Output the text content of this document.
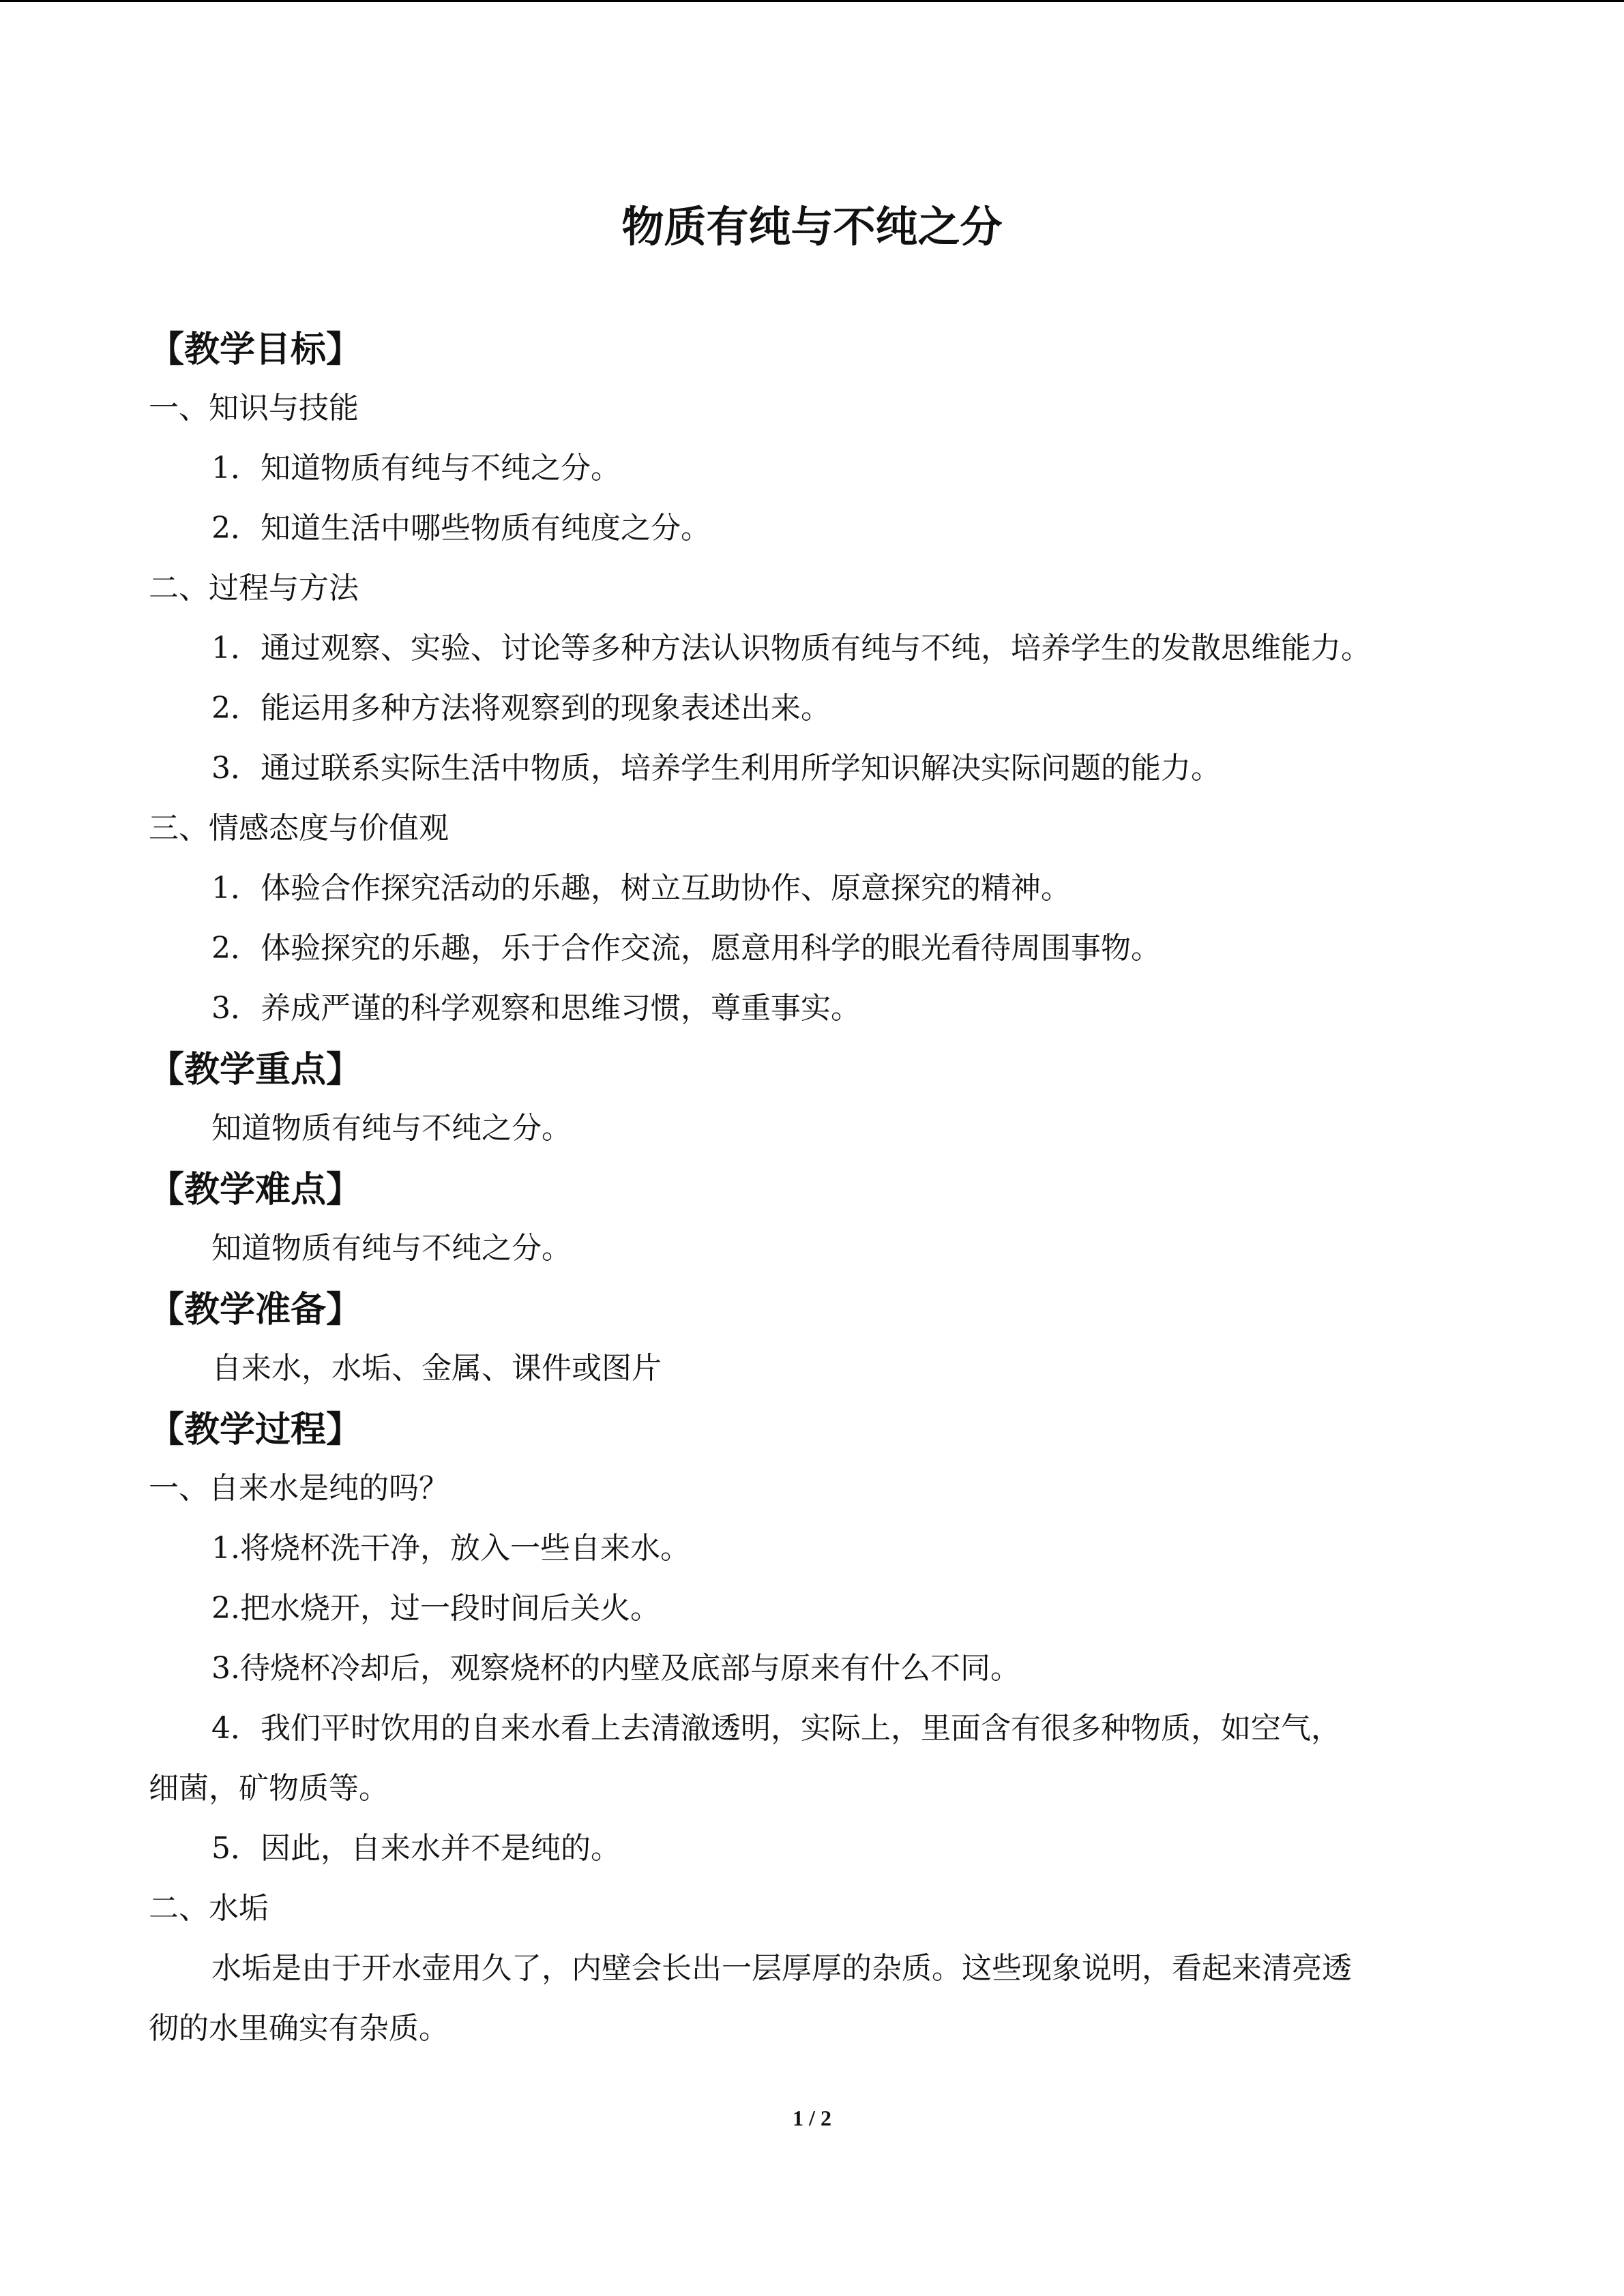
物质有纯与不纯之分
【教学目标】
一、知识与技能
1．知道物质有纯与不纯之分。
2．知道生活中哪些物质有纯度之分。
二、过程与方法
1．通过观察、实验、讨论等多种方法认识物质有纯与不纯，培养学生的发散思维能力。
2．能运用多种方法将观察到的现象表述出来。
3．通过联系实际生活中物质，培养学生利用所学知识解决实际问题的能力。
三、情感态度与价值观
1．体验合作探究活动的乐趣，树立互助协作、原意探究的精神。
2．体验探究的乐趣，乐于合作交流，愿意用科学的眼光看待周围事物。
3．养成严谨的科学观察和思维习惯，尊重事实。
【教学重点】
知道物质有纯与不纯之分。
【教学难点】
知道物质有纯与不纯之分。
【教学准备】
自来水，水垢、金属、课件或图片
【教学过程】
一、自来水是纯的吗？
1.将烧杯洗干净，放入一些自来水。
2.把水烧开，过一段时间后关火。
3.待烧杯冷却后，观察烧杯的内壁及底部与原来有什么不同。
4．我们平时饮用的自来水看上去清澈透明，实际上，里面含有很多种物质，如空气，
细菌，矿物质等。
5．因此，自来水并不是纯的。
二、水垢
水垢是由于开水壶用久了，内壁会长出一层厚厚的杂质。这些现象说明，看起来清亮透
彻的水里确实有杂质。
1 / 2
